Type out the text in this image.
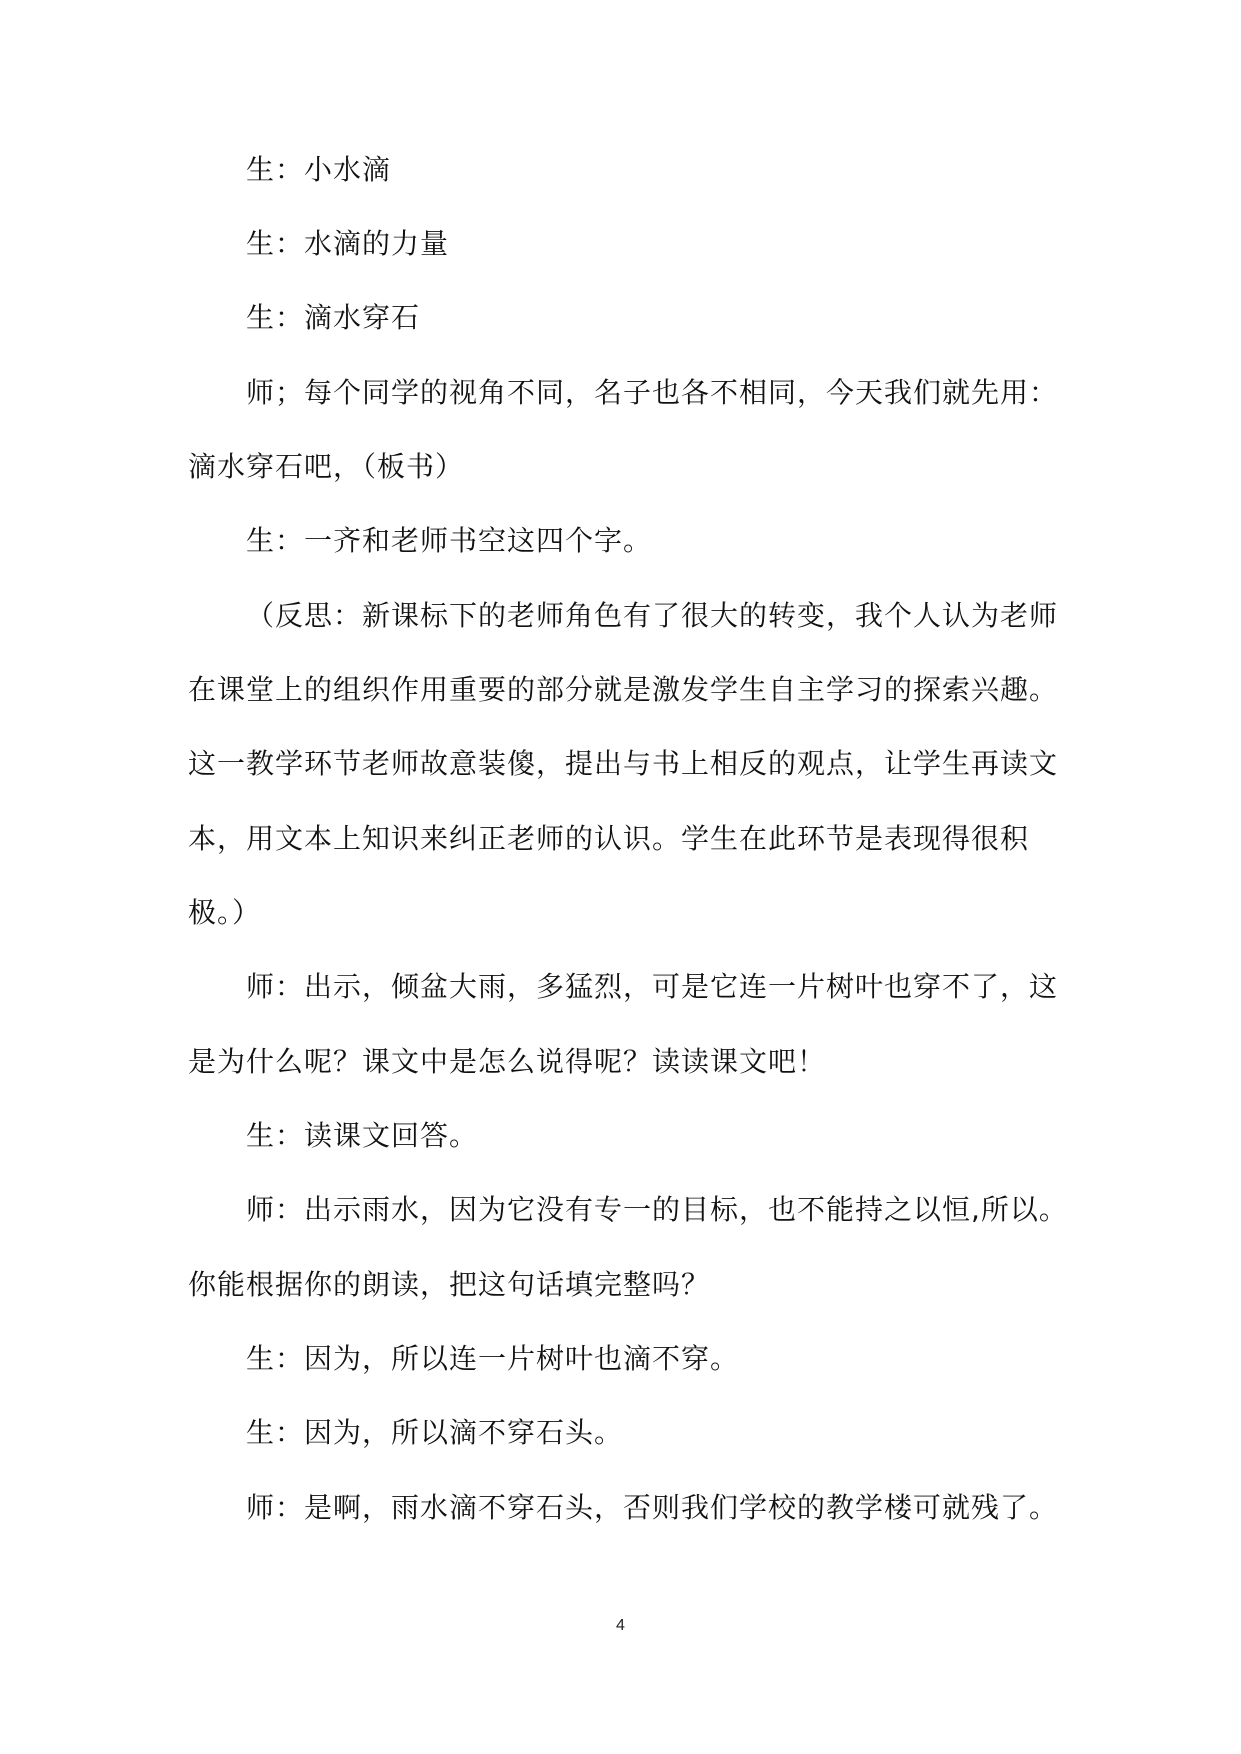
生：小水滴
生：水滴的力量
生：滴水穿石
师；每个同学的视角不同，名子也各不相同，今天我们就先用：
滴水穿石吧，（板书）
生：一齐和老师书空这四个字。
（反思：新课标下的老师角色有了很大的转变，我个人认为老师
在课堂上的组织作用重要的部分就是激发学生自主学习的探索兴趣。
这一教学环节老师故意装傻，提出与书上相反的观点，让学生再读文
本，用文本上知识来纠正老师的认识。学生在此环节是表现得很积
极。）
师：出示，倾盆大雨，多猛烈，可是它连一片树叶也穿不了，这
是为什么呢？课文中是怎么说得呢？读读课文吧！
生：读课文回答。
师：出示雨水，因为它没有专一的目标，也不能持之以恒,所以。
你能根据你的朗读，把这句话填完整吗？
生：因为，所以连一片树叶也滴不穿。
生：因为，所以滴不穿石头。
师：是啊，雨水滴不穿石头，否则我们学校的教学楼可就残了。
4
